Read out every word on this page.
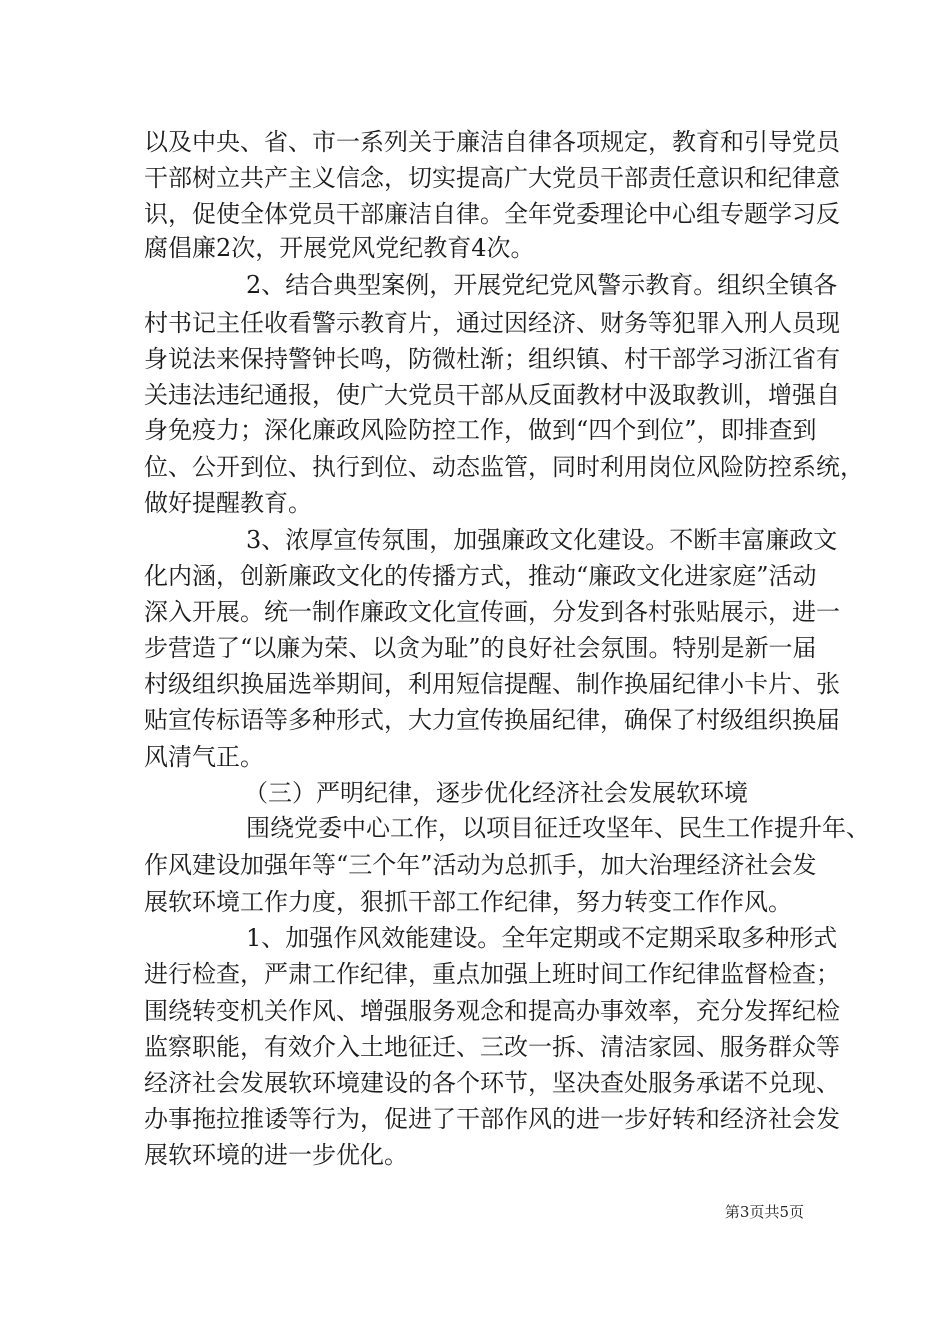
以及中央、省、市一系列关于廉洁自律各项规定，教育和引导党员
干部树立共产主义信念，切实提高广大党员干部责任意识和纪律意
识，促使全体党员干部廉洁自律。全年党委理论中心组专题学习反
腐倡廉2次，开展党风党纪教育4次。
2、结合典型案例，开展党纪党风警示教育。组织全镇各
村书记主任收看警示教育片，通过因经济、财务等犯罪入刑人员现
身说法来保持警钟长鸣，防微杜渐；组织镇、村干部学习浙江省有
关违法违纪通报，使广大党员干部从反面教材中汲取教训，增强自
身免疫力；深化廉政风险防控工作，做到“四个到位”，即排查到
位、公开到位、执行到位、动态监管，同时利用岗位风险防控系统，
做好提醒教育。
3、浓厚宣传氛围，加强廉政文化建设。不断丰富廉政文
化内涵，创新廉政文化的传播方式，推动“廉政文化进家庭”活动
深入开展。统一制作廉政文化宣传画，分发到各村张贴展示，进一
步营造了“以廉为荣、以贪为耻”的良好社会氛围。特别是新一届
村级组织换届选举期间，利用短信提醒、制作换届纪律小卡片、张
贴宣传标语等多种形式，大力宣传换届纪律，确保了村级组织换届
风清气正。
（三）严明纪律，逐步优化经济社会发展软环境
围绕党委中心工作，以项目征迁攻坚年、民生工作提升年、
作风建设加强年等“三个年”活动为总抓手，加大治理经济社会发
展软环境工作力度，狠抓干部工作纪律，努力转变工作作风。
1、加强作风效能建设。全年定期或不定期采取多种形式
进行检查，严肃工作纪律，重点加强上班时间工作纪律监督检查；
围绕转变机关作风、增强服务观念和提高办事效率，充分发挥纪检
监察职能，有效介入土地征迁、三改一拆、清洁家园、服务群众等
经济社会发展软环境建设的各个环节，坚决查处服务承诺不兑现、
办事拖拉推诿等行为，促进了干部作风的进一步好转和经济社会发
展软环境的进一步优化。
第3页共5页
